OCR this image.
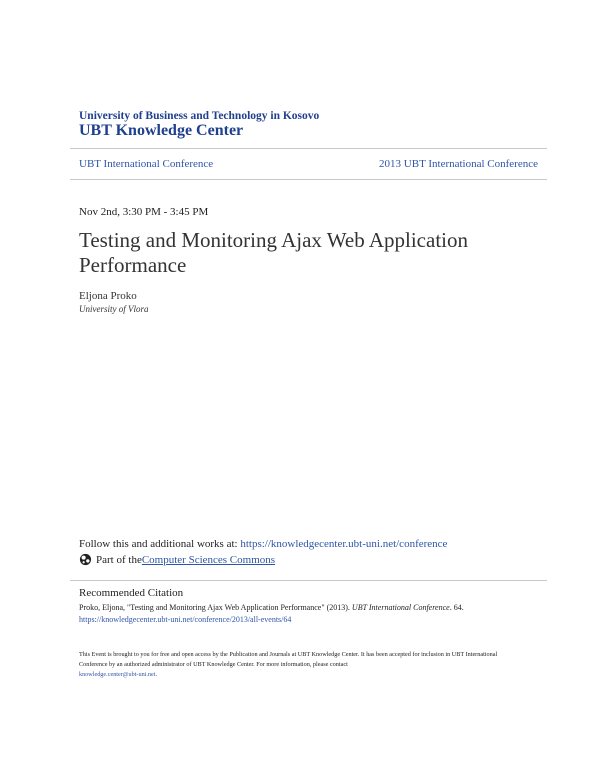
University of Business and Technology in Kosovo
UBT Knowledge Center
UBT International Conference	2013 UBT International Conference
Nov 2nd, 3:30 PM - 3:45 PM
Testing and Monitoring Ajax Web Application Performance
Eljona Proko
University of Vlora
Follow this and additional works at: https://knowledgecenter.ubt-uni.net/conference
Part of the Computer Sciences Commons
Recommended Citation
Proko, Eljona, "Testing and Monitoring Ajax Web Application Performance" (2013). UBT International Conference. 64.
https://knowledgecenter.ubt-uni.net/conference/2013/all-events/64
This Event is brought to you for free and open access by the Publication and Journals at UBT Knowledge Center. It has been accepted for inclusion in UBT International Conference by an authorized administrator of UBT Knowledge Center. For more information, please contact
knowledge.center@ubt-uni.net.
